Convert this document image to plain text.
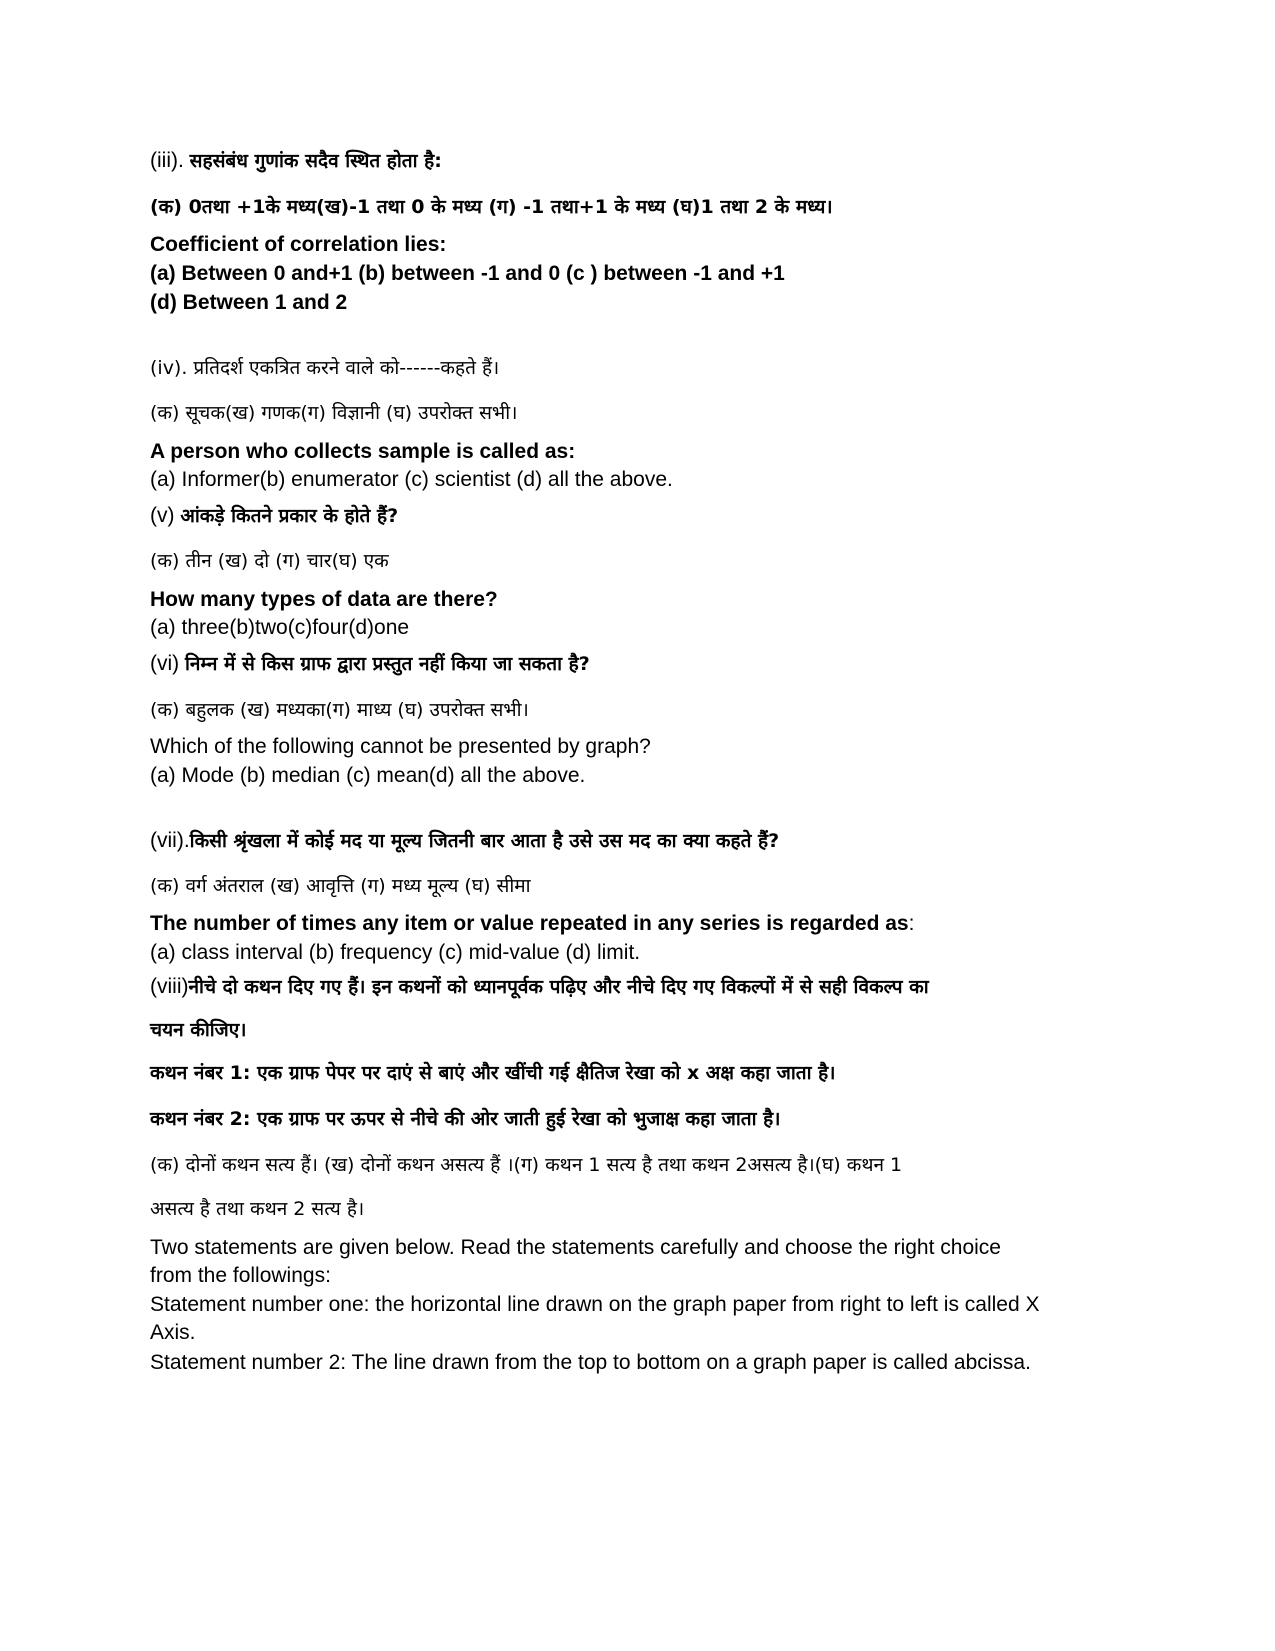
(iii). सहसंबंध गुणांक सदैव स्थित होता है:
(क) 0तथा +1के मध्य(ख)-1 तथा 0 के मध्य (ग) -1 तथा+1 के मध्य (घ)1 तथा 2 के मध्य।
Coefficient of correlation lies:
(a) Between 0 and+1 (b) between -1 and 0 (c ) between -1 and +1
(d) Between 1 and 2
(iv). प्रतिदर्श एकत्रित करने वाले को------कहते हैं।
(क) सूचक(ख) गणक(ग) विज्ञानी (घ) उपरोक्त सभी।
A person who collects sample is called as:
(a) Informer(b) enumerator (c) scientist (d) all the above.
(v) आंकड़े कितने प्रकार के होते हैं?
(क) तीन (ख) दो (ग) चार(घ) एक
How many types of data are there?
(a) three(b)two(c)four(d)one
(vi) निम्न में से किस ग्राफ द्वारा प्रस्तुत नहीं किया जा सकता है?
(क) बहुलक (ख) मध्यका(ग) माध्य (घ) उपरोक्त सभी।
Which of the following cannot be presented by graph?
(a) Mode (b) median (c) mean(d) all the above.
(vii).किसी श्रृंखला में कोई मद या मूल्य जितनी बार आता है उसे उस मद का क्या कहते हैं?
(क) वर्ग अंतराल (ख) आवृत्ति (ग) मध्य मूल्य (घ) सीमा
The number of times any item or value repeated in any series is regarded as:
(a) class interval (b) frequency (c) mid-value (d) limit.
(viii)नीचे दो कथन दिए गए हैं। इन कथनों को ध्यानपूर्वक पढ़िए और नीचे दिए गए विकल्पों में से सही विकल्प का
चयन कीजिए।
कथन नंबर 1: एक ग्राफ पेपर पर दाएं से बाएं और खींची गई क्षैतिज रेखा को x अक्ष कहा जाता है।
कथन नंबर 2: एक ग्राफ पर ऊपर से नीचे की ओर जाती हुई रेखा को भुजाक्ष कहा जाता है।
(क) दोनों कथन सत्य हैं। (ख) दोनों कथन असत्य हैं ।(ग) कथन 1 सत्य है तथा कथन 2असत्य है।(घ) कथन 1
असत्य है तथा कथन 2 सत्य है।
Two statements are given below. Read the statements carefully and choose the right choice
from the followings:
Statement number one: the horizontal line drawn on the graph paper from right to left is called X
Axis.
Statement number 2: The line drawn from the top to bottom on a graph paper is called abcissa.
